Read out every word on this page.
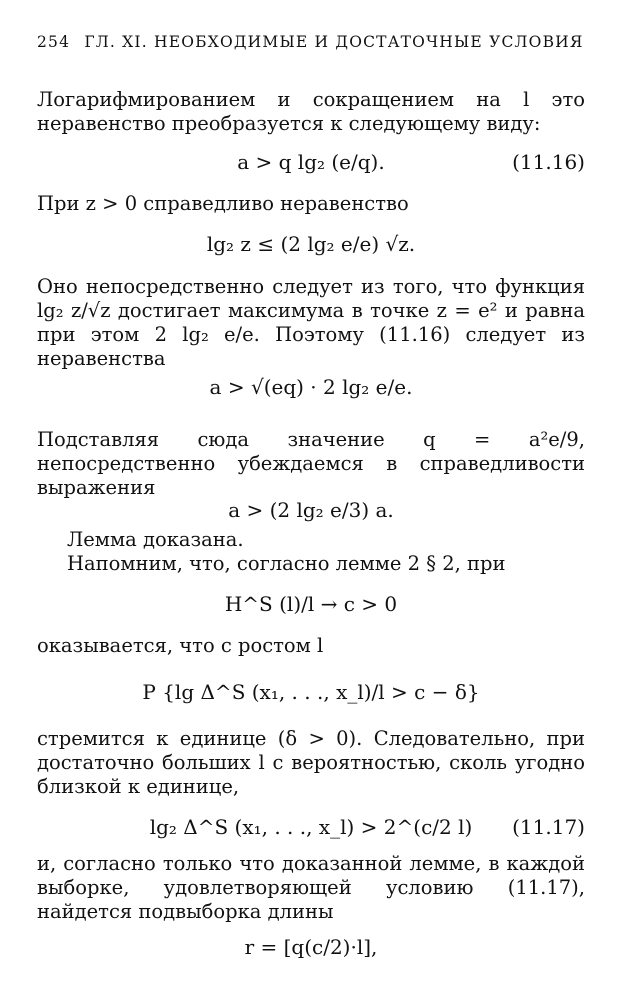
254 ГЛ. XI. НЕОБХОДИМЫЕ И ДОСТАТОЧНЫЕ УСЛОВИЯ

Логарифмированием и сокращением на l это неравенство преобразуется к следующему виду:

a > q lg₂ (e/q).	(11.16)

При z > 0 справедливо неравенство

lg₂ z ≤ (2 lg₂ e/e) √z.

Оно непосредственно следует из того, что функция lg₂ z/√z достигает максимума в точке z = e² и равна при этом 2 lg₂ e/e. Поэтому (11.16) следует из неравенства

a > √(eq) · 2 lg₂ e/e.

Подставляя сюда значение q = a²e/9, непосредственно убеждаемся в справедливости выражения

a > (2 lg₂ e/3) a.

Лемма доказана.

Напомним, что, согласно лемме 2 § 2, при

H^S (l)/l → c > 0

оказывается, что с ростом l

P {lg Δ^S (x₁, . . ., x_l)/l > c − δ}

стремится к единице (δ > 0). Следовательно, при достаточно больших l с вероятностью, сколь угодно близкой к единице,

lg₂ Δ^S (x₁, . . ., x_l) > 2^(c/2 l)	(11.17)

и, согласно только что доказанной лемме, в каждой выборке, удовлетворяющей условию (11.17), найдется подвыборка длины

r = [q(c/2)·l],
